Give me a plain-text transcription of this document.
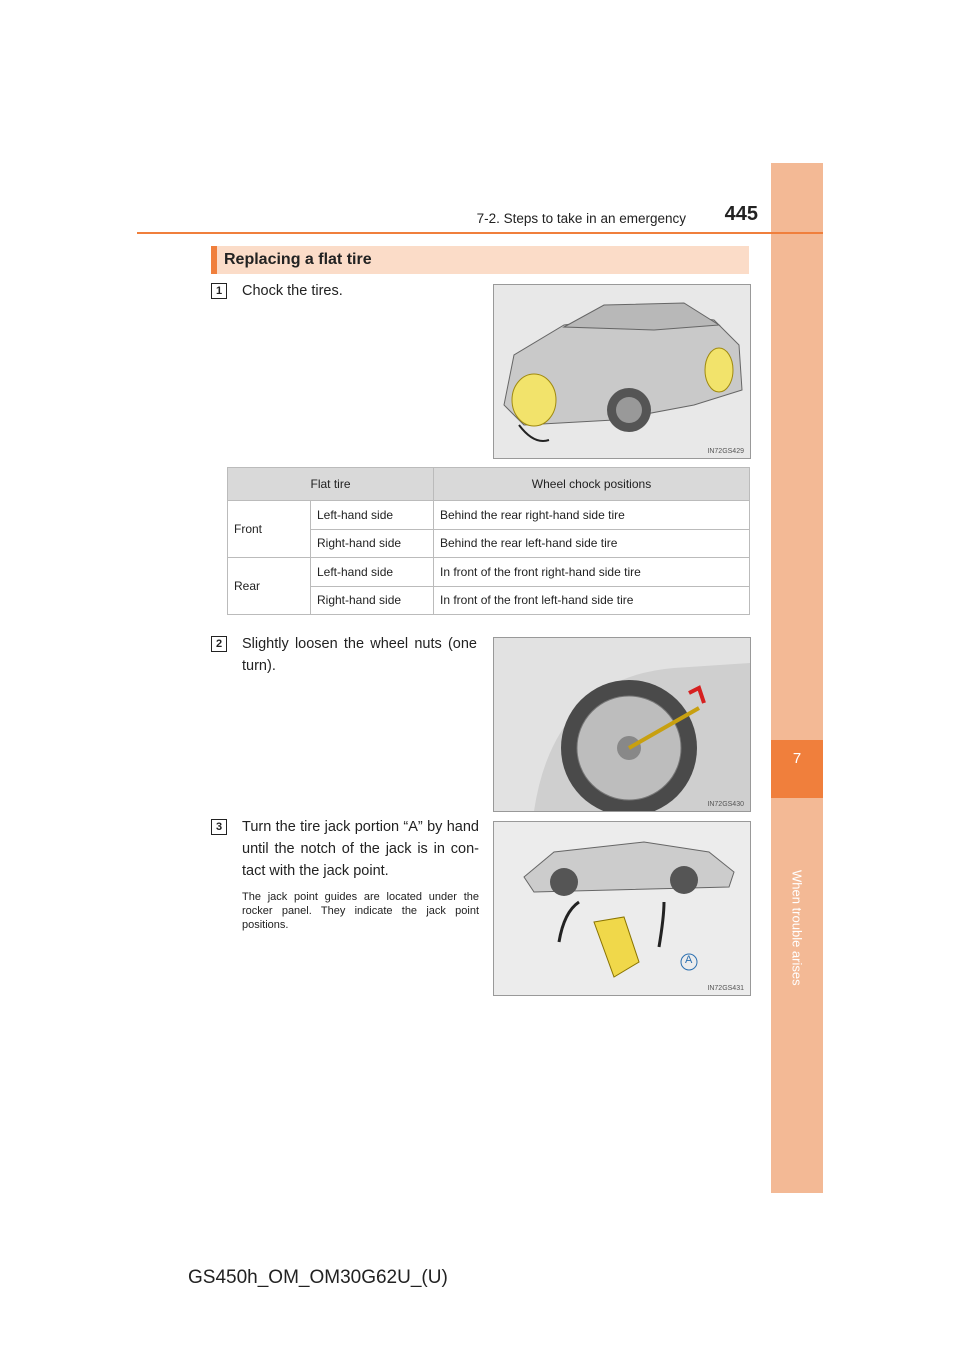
7
When trouble arises
7-2. Steps to take in an emergency	445
Replacing a flat tire
1	Chock the tires.
IN72GS429
Flat tire		Wheel chock positions
Front	Left-hand side	Behind the rear right-hand side tire
	Right-hand side	Behind the rear left-hand side tire
Rear	Left-hand side	In front of the front right-hand side tire
	Right-hand side	In front of the front left-hand side tire
2	Slightly loosen the wheel nuts (one turn).
IN72GS430
3	Turn the tire jack portion “A” by hand until the notch of the jack is in con-tact with the jack point.
The jack point guides are located under the rocker panel. They indicate the jack point positions.
A
IN72GS431
GS450h_OM_OM30G62U_(U)
